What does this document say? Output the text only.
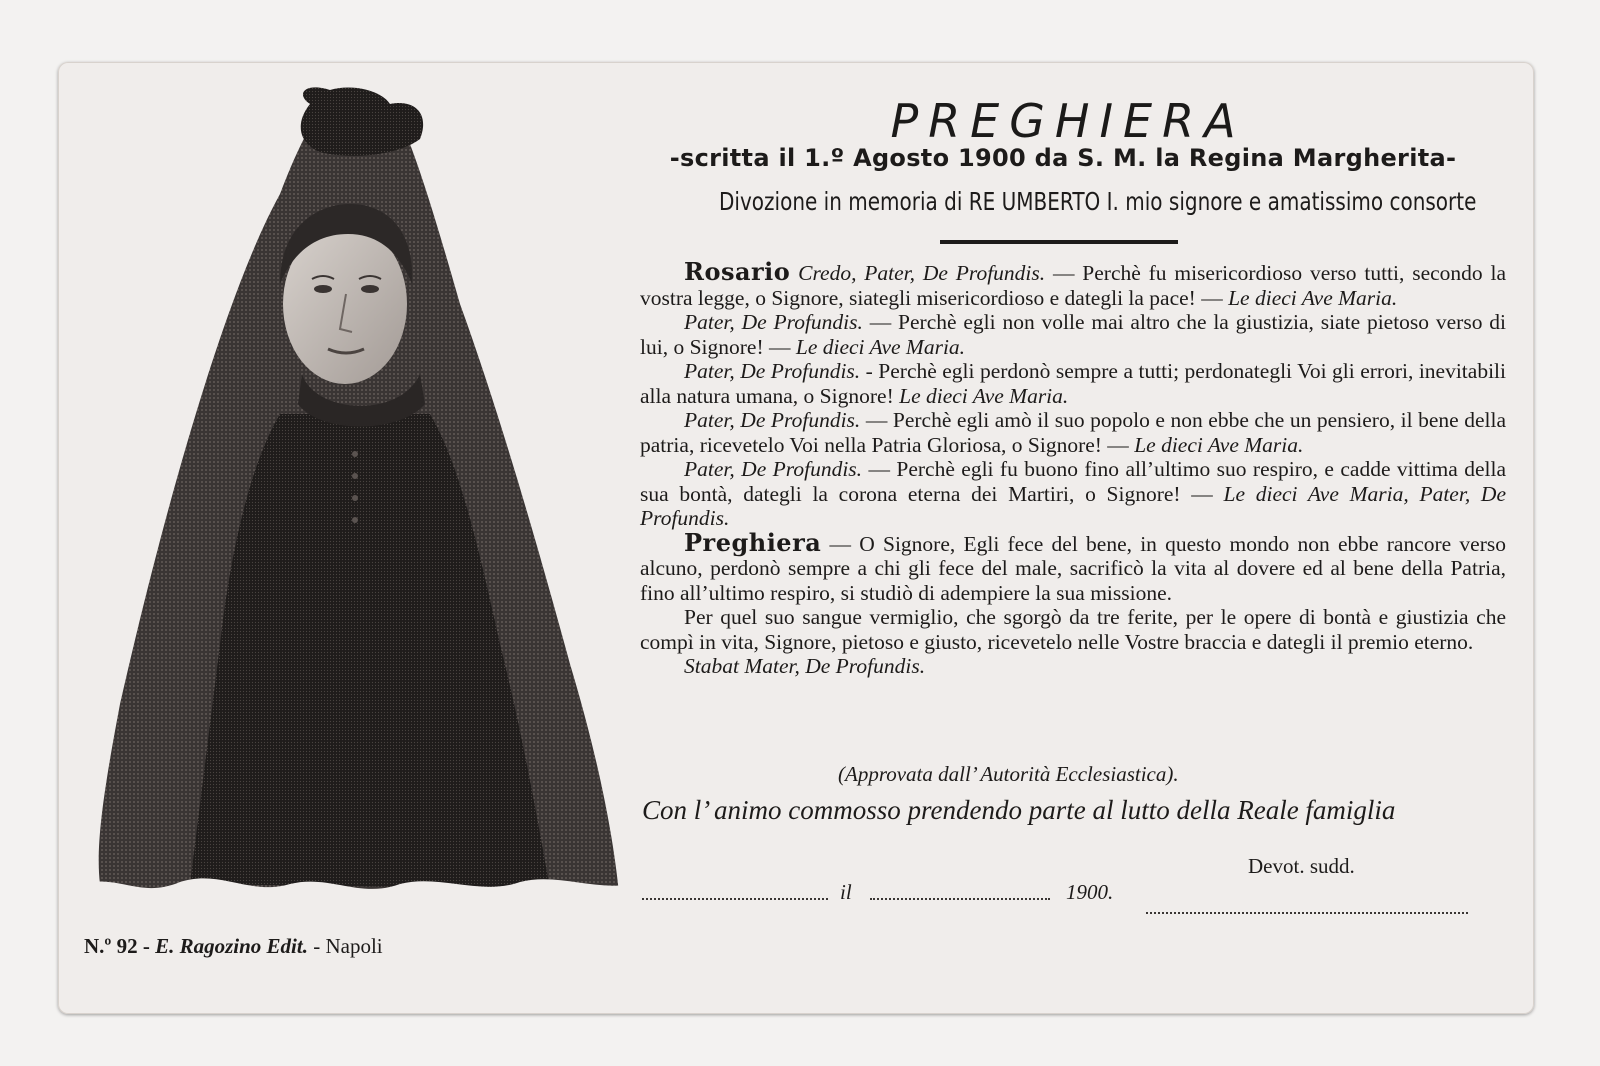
PREGHIERA
-scritta il 1.º Agosto 1900 da S. M. la Regina Margherita-
Divozione in memoria di RE UMBERTO I. mio signore e amatissimo consorte

Rosario Credo, Pater, De Profundis. — Perchè fu misericordioso verso tutti, secondo la vostra legge, o Signore, siategli misericordioso e dategli la pace! — Le dieci Ave Maria.

Pater, De Profundis. — Perchè egli non volle mai altro che la giustizia, siate pietoso verso di lui, o Signore! — Le dieci Ave Maria.

Pater, De Profundis. - Perchè egli perdonò sempre a tutti; perdonategli Voi gli errori, inevitabili alla natura umana, o Signore! Le dieci Ave Maria.

Pater, De Profundis. — Perchè egli amò il suo popolo e non ebbe che un pensiero, il bene della patria, ricevetelo Voi nella Patria Gloriosa, o Signore! — Le dieci Ave Maria.

Pater, De Profundis. — Perchè egli fu buono fino all’ultimo suo respiro, e cadde vittima della sua bontà, dategli la corona eterna dei Martiri, o Signore! — Le dieci Ave Maria, Pater, De Profundis.

Preghiera — O Signore, Egli fece del bene, in questo mondo non ebbe rancore verso alcuno, perdonò sempre a chi gli fece del male, sacrificò la vita al dovere ed al bene della Patria, fino all’ultimo respiro, si studiò di adempiere la sua missione.

Per quel suo sangue vermiglio, che sgorgò da tre ferite, per le opere di bontà e giustizia che compì in vita, Signore, pietoso e giusto, ricevetelo nelle Vostre braccia e dategli il premio eterno.

Stabat Mater, De Profundis.

(Approvata dall’ Autorità Ecclesiastica).
Con l’ animo commosso prendendo parte al lutto della Reale famiglia
Devot. sudd.
il	1900.
N.º 92 - E. Ragozino Edit. - Napoli
